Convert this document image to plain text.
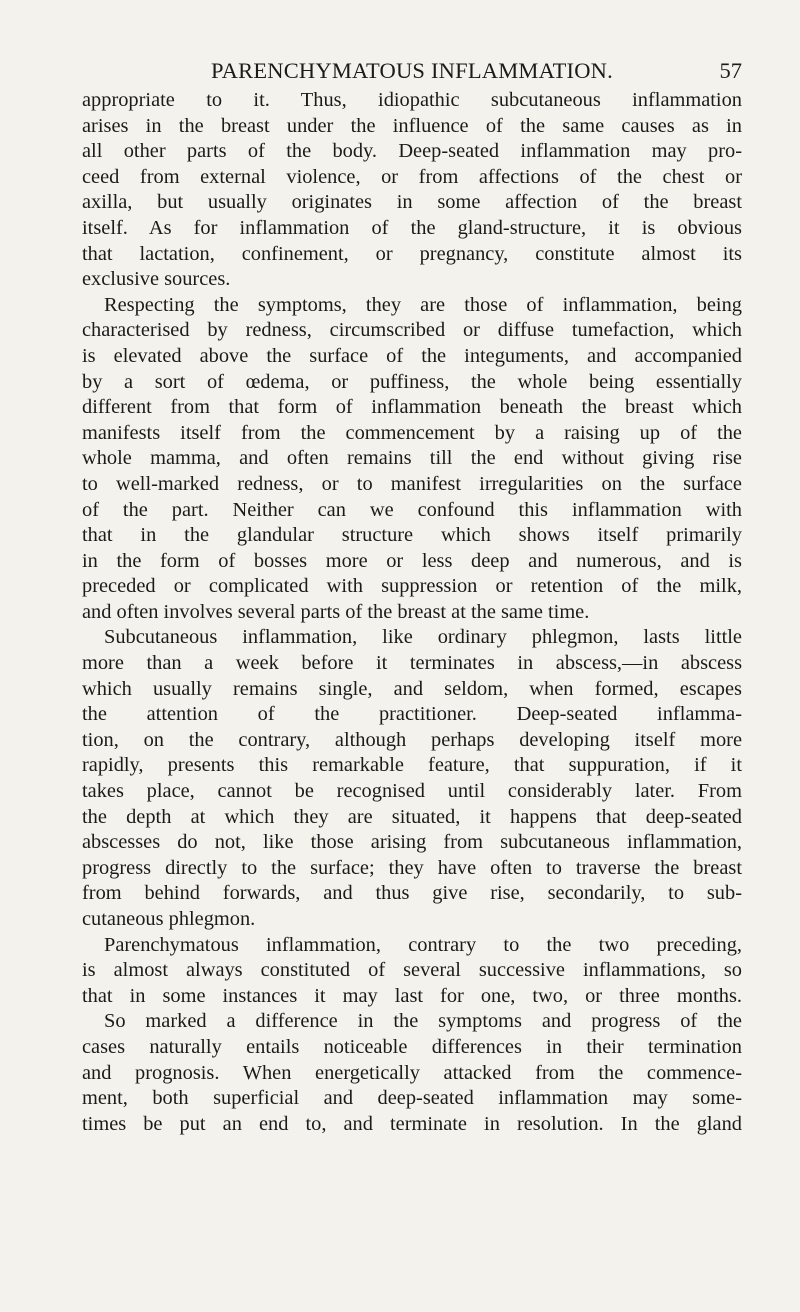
PARENCHYMATOUS INFLAMMATION.	57
appropriate to it. Thus, idiopathic subcutaneous inflammation
arises in the breast under the influence of the same causes as in
all other parts of the body. Deep-seated inflammation may pro-
ceed from external violence, or from affections of the chest or
axilla, but usually originates in some affection of the breast
itself. As for inflammation of the gland-structure, it is obvious
that lactation, confinement, or pregnancy, constitute almost its
exclusive sources.
Respecting the symptoms, they are those of inflammation, being
characterised by redness, circumscribed or diffuse tumefaction, which
is elevated above the surface of the integuments, and accompanied
by a sort of œdema, or puffiness, the whole being essentially
different from that form of inflammation beneath the breast which
manifests itself from the commencement by a raising up of the
whole mamma, and often remains till the end without giving rise
to well-marked redness, or to manifest irregularities on the surface
of the part. Neither can we confound this inflammation with
that in the glandular structure which shows itself primarily
in the form of bosses more or less deep and numerous, and is
preceded or complicated with suppression or retention of the milk,
and often involves several parts of the breast at the same time.
Subcutaneous inflammation, like ordinary phlegmon, lasts little
more than a week before it terminates in abscess,—in abscess
which usually remains single, and seldom, when formed, escapes
the attention of the practitioner. Deep-seated inflamma-
tion, on the contrary, although perhaps developing itself more
rapidly, presents this remarkable feature, that suppuration, if it
takes place, cannot be recognised until considerably later. From
the depth at which they are situated, it happens that deep-seated
abscesses do not, like those arising from subcutaneous inflammation,
progress directly to the surface; they have often to traverse the breast
from behind forwards, and thus give rise, secondarily, to sub-
cutaneous phlegmon.
Parenchymatous inflammation, contrary to the two preceding,
is almost always constituted of several successive inflammations, so
that in some instances it may last for one, two, or three months.
So marked a difference in the symptoms and progress of the
cases naturally entails noticeable differences in their termination
and prognosis. When energetically attacked from the commence-
ment, both superficial and deep-seated inflammation may some-
times be put an end to, and terminate in resolution. In the gland
